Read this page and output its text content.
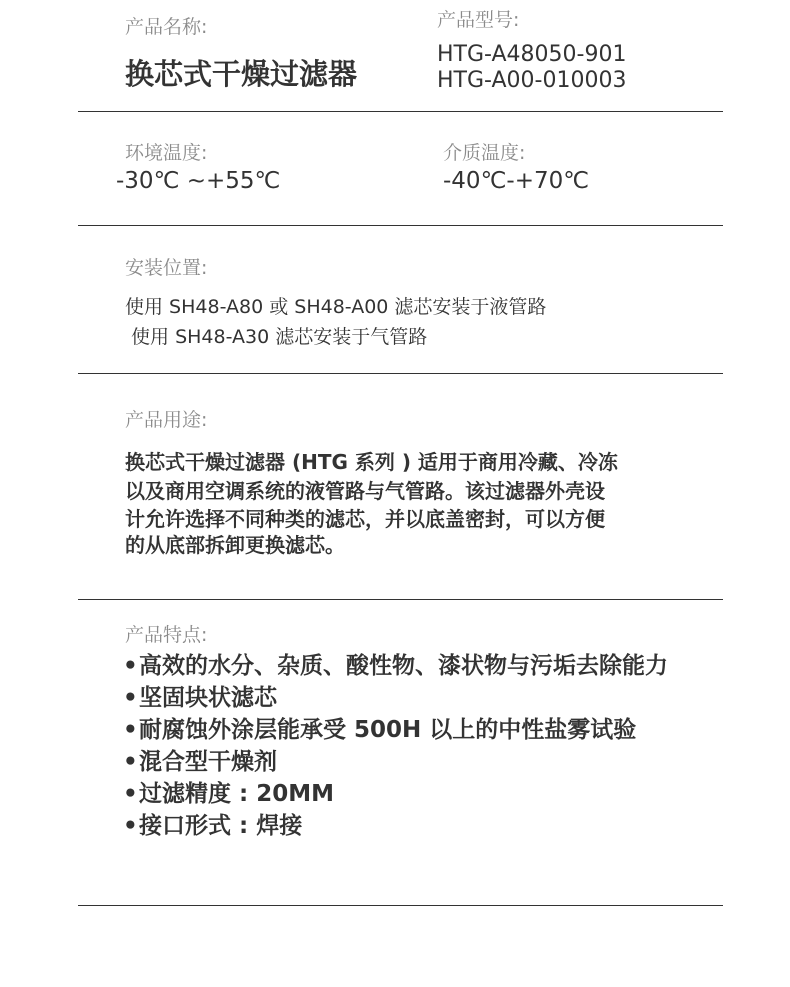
产品名称:
换芯式干燥过滤器
产品型号:
HTG-A48050-901
HTG-A00-010003
环境温度:
-30℃ ~+55℃
介质温度:
-40℃-+70℃
安装位置:
使用 SH48-A80 或 SH48-A00 滤芯安装于液管路
使用 SH48-A30 滤芯安装于气管路
产品用途:
换芯式干燥过滤器 (HTG 系列 ) 适用于商用冷藏、冷冻
以及商用空调系统的液管路与气管路。该过滤器外壳设
计允许选择不同种类的滤芯，并以底盖密封，可以方便
的从底部拆卸更换滤芯。
产品特点:
•高效的水分、杂质、酸性物、漆状物与污垢去除能力
•坚固块状滤芯
•耐腐蚀外涂层能承受 500H 以上的中性盐雾试验
•混合型干燥剂
•过滤精度 : 20MM
•接口形式 : 焊接
